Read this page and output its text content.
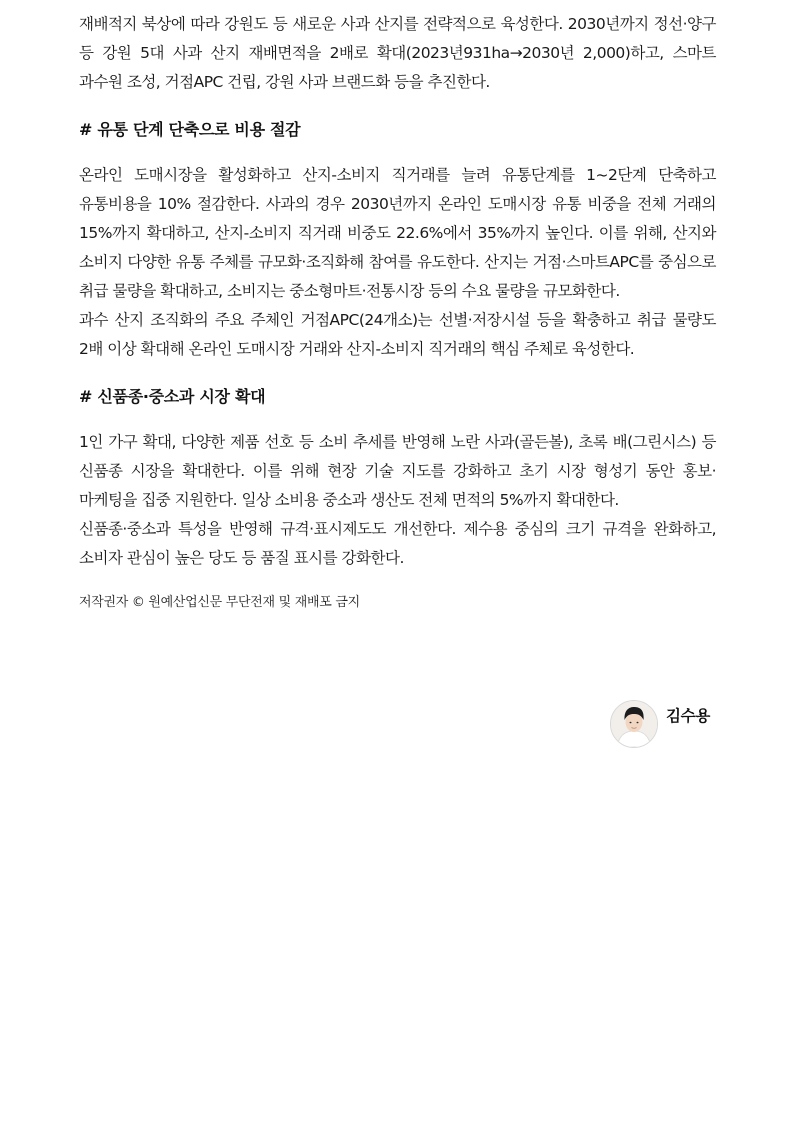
재배적지 북상에 따라 강원도 등 새로운 사과 산지를 전략적으로 육성한다. 2030년까지 정선·양구 등 강원 5대 사과 산지 재배면적을 2배로 확대(2023년931ha→2030년 2,000)하고, 스마트 과수원 조성, 거점APC 건립, 강원 사과 브랜드화 등을 추진한다.

# 유통 단계 단축으로 비용 절감

온라인 도매시장을 활성화하고 산지-소비지 직거래를 늘려 유통단계를 1~2단계 단축하고 유통비용을 10% 절감한다. 사과의 경우 2030년까지 온라인 도매시장 유통 비중을 전체 거래의 15%까지 확대하고, 산지-소비지 직거래 비중도 22.6%에서 35%까지 높인다. 이를 위해, 산지와 소비지 다양한 유통 주체를 규모화·조직화해 참여를 유도한다. 산지는 거점·스마트APC를 중심으로 취급 물량을 확대하고, 소비지는 중소형마트·전통시장 등의 수요 물량을 규모화한다.

과수 산지 조직화의 주요 주체인 거점APC(24개소)는 선별·저장시설 등을 확충하고 취급 물량도 2배 이상 확대해 온라인 도매시장 거래와 산지-소비지 직거래의 핵심 주체로 육성한다.

# 신품종·중소과 시장 확대

1인 가구 확대, 다양한 제품 선호 등 소비 추세를 반영해 노란 사과(골든볼), 초록 배(그린시스) 등 신품종 시장을 확대한다. 이를 위해 현장 기술 지도를 강화하고 초기 시장 형성기 동안 홍보·마케팅을 집중 지원한다. 일상 소비용 중소과 생산도 전체 면적의 5%까지 확대한다.

신품종·중소과 특성을 반영해 규격·표시제도도 개선한다. 제수용 중심의 크기 규격을 완화하고, 소비자 관심이 높은 당도 등 품질 표시를 강화한다.

저작권자 © 원예산업신문 무단전재 및 재배포 금지

김수용
